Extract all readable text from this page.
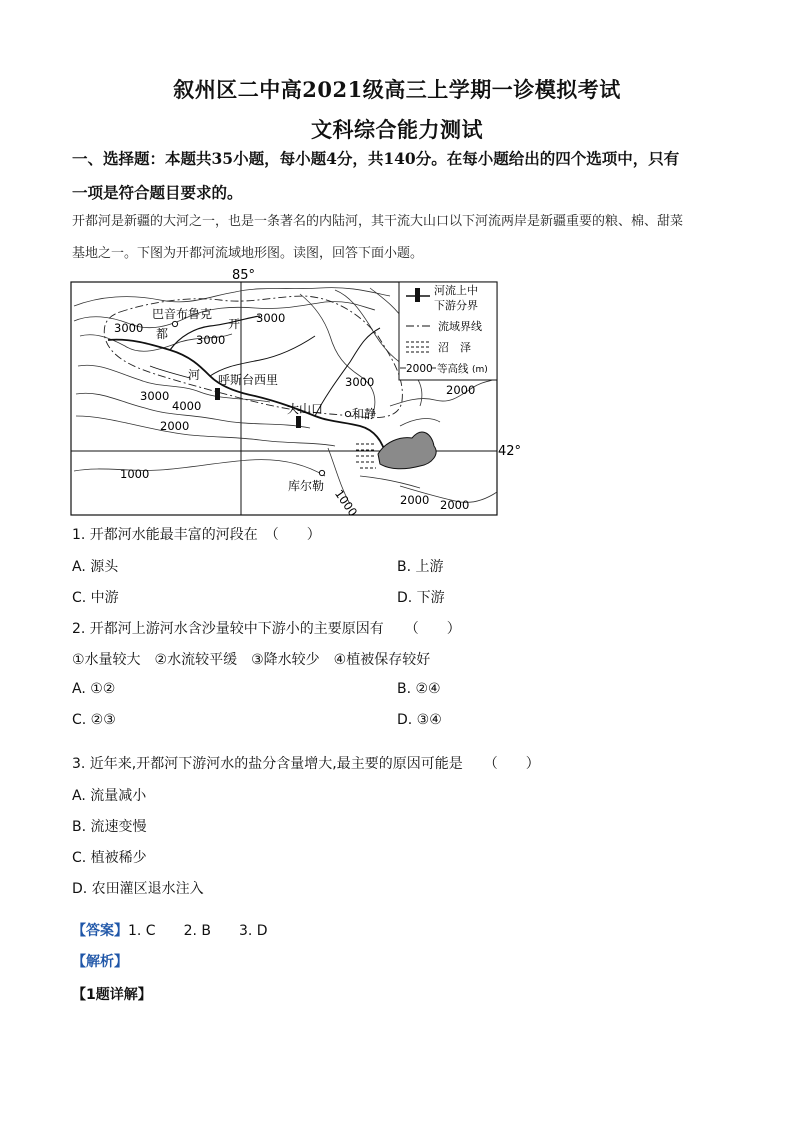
叙州区二中高2021级高三上学期一诊模拟考试
文科综合能力测试
一、选择题：本题共35小题，每小题4分，共140分。在每小题给出的四个选项中，只有
一项是符合题目要求的。
开都河是新疆的大河之一，也是一条著名的内陆河，其干流大山口以下河流两岸是新疆重要的粮、棉、甜菜
基地之一。下图为开都河流域地形图。读图，回答下面小题。
85°
42°
巴音布鲁克
呼斯台西里
大山口 和静
库尔勒
开
都
河
3000
3000
3000
3000
3000
4000
2000
2000
2000 2000
1000
1000
河流上中
下游分界
流域界线
沼　泽
2000 等高线 (m)
1. 开都河水能最丰富的河段在　（　　）
A. 源头	B. 上游
C. 中游	D. 下游
2. 开都河上游河水含沙量较中下游小的主要原因有　　（　　）
①水量较大　②水流较平缓　③降水较少　④植被保存较好
A. ①②	B. ②④
C. ②③	D. ③④
3. 近年来,开都河下游河水的盐分含量增大,最主要的原因可能是　　（　　）
A. 流量减小
B. 流速变慢
C. 植被稀少
D. 农田灌区退水注入
【答案】1. C　　2. B　　3. D
【解析】
【1题详解】
